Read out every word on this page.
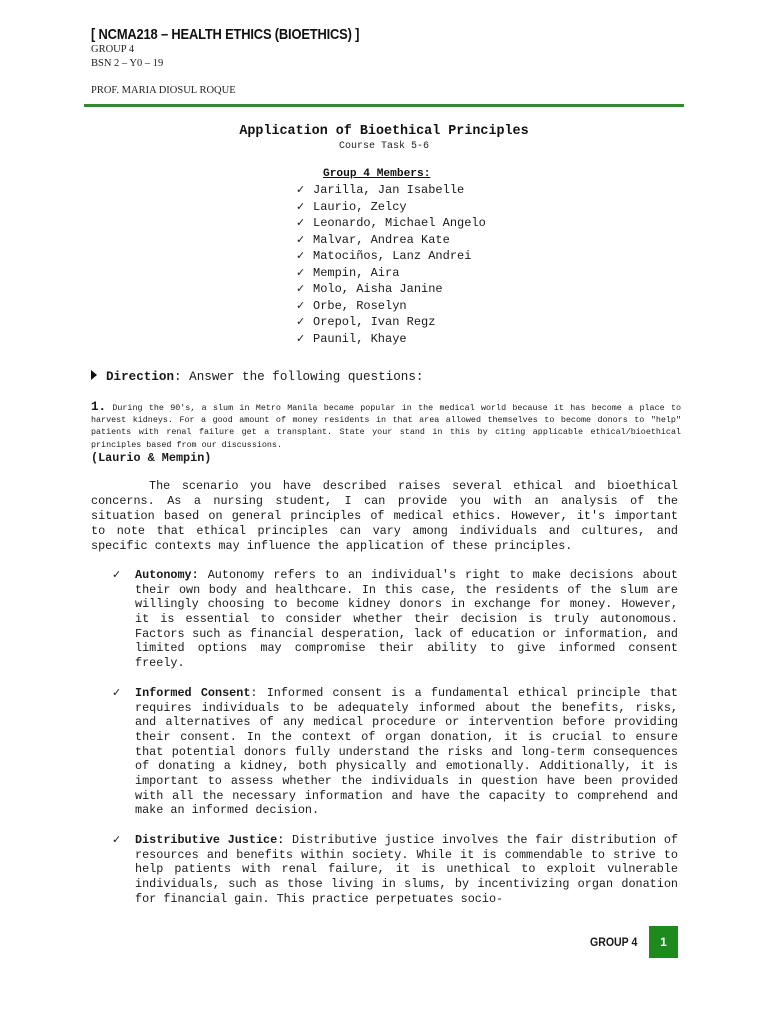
[ NCMA218 – HEALTH ETHICS (BIOETHICS) ]
GROUP 4
BSN 2 – Y0 – 19
PROF. MARIA DIOSUL ROQUE
Application of Bioethical Principles
Course Task 5-6
Group 4 Members:
✓ Jarilla, Jan Isabelle
✓ Laurio, Zelcy
✓ Leonardo, Michael Angelo
✓ Malvar, Andrea Kate
✓ Matociños, Lanz Andrei
✓ Mempin, Aira
✓ Molo, Aisha Janine
✓ Orbe, Roselyn
✓ Orepol, Ivan Regz
✓ Paunil, Khaye
Direction: Answer the following questions:
1. During the 90's, a slum in Metro Manila became popular in the medical world because it has become a place to harvest kidneys. For a good amount of money residents in that area allowed themselves to become donors to "help" patients with renal failure get a transplant. State your stand in this by citing applicable ethical/bioethical principles based from our discussions.
(Laurio & Mempin)
The scenario you have described raises several ethical and bioethical concerns. As a nursing student, I can provide you with an analysis of the situation based on general principles of medical ethics. However, it's important to note that ethical principles can vary among individuals and cultures, and specific contexts may influence the application of these principles.
✓ Autonomy: Autonomy refers to an individual's right to make decisions about their own body and healthcare. In this case, the residents of the slum are willingly choosing to become kidney donors in exchange for money. However, it is essential to consider whether their decision is truly autonomous. Factors such as financial desperation, lack of education or information, and limited options may compromise their ability to give informed consent freely.
✓ Informed Consent: Informed consent is a fundamental ethical principle that requires individuals to be adequately informed about the benefits, risks, and alternatives of any medical procedure or intervention before providing their consent. In the context of organ donation, it is crucial to ensure that potential donors fully understand the risks and long-term consequences of donating a kidney, both physically and emotionally. Additionally, it is important to assess whether the individuals in question have been provided with all the necessary information and have the capacity to comprehend and make an informed decision.
✓ Distributive Justice: Distributive justice involves the fair distribution of resources and benefits within society. While it is commendable to strive to help patients with renal failure, it is unethical to exploit vulnerable individuals, such as those living in slums, by incentivizing organ donation for financial gain. This practice perpetuates socio-
GROUP 4	1
